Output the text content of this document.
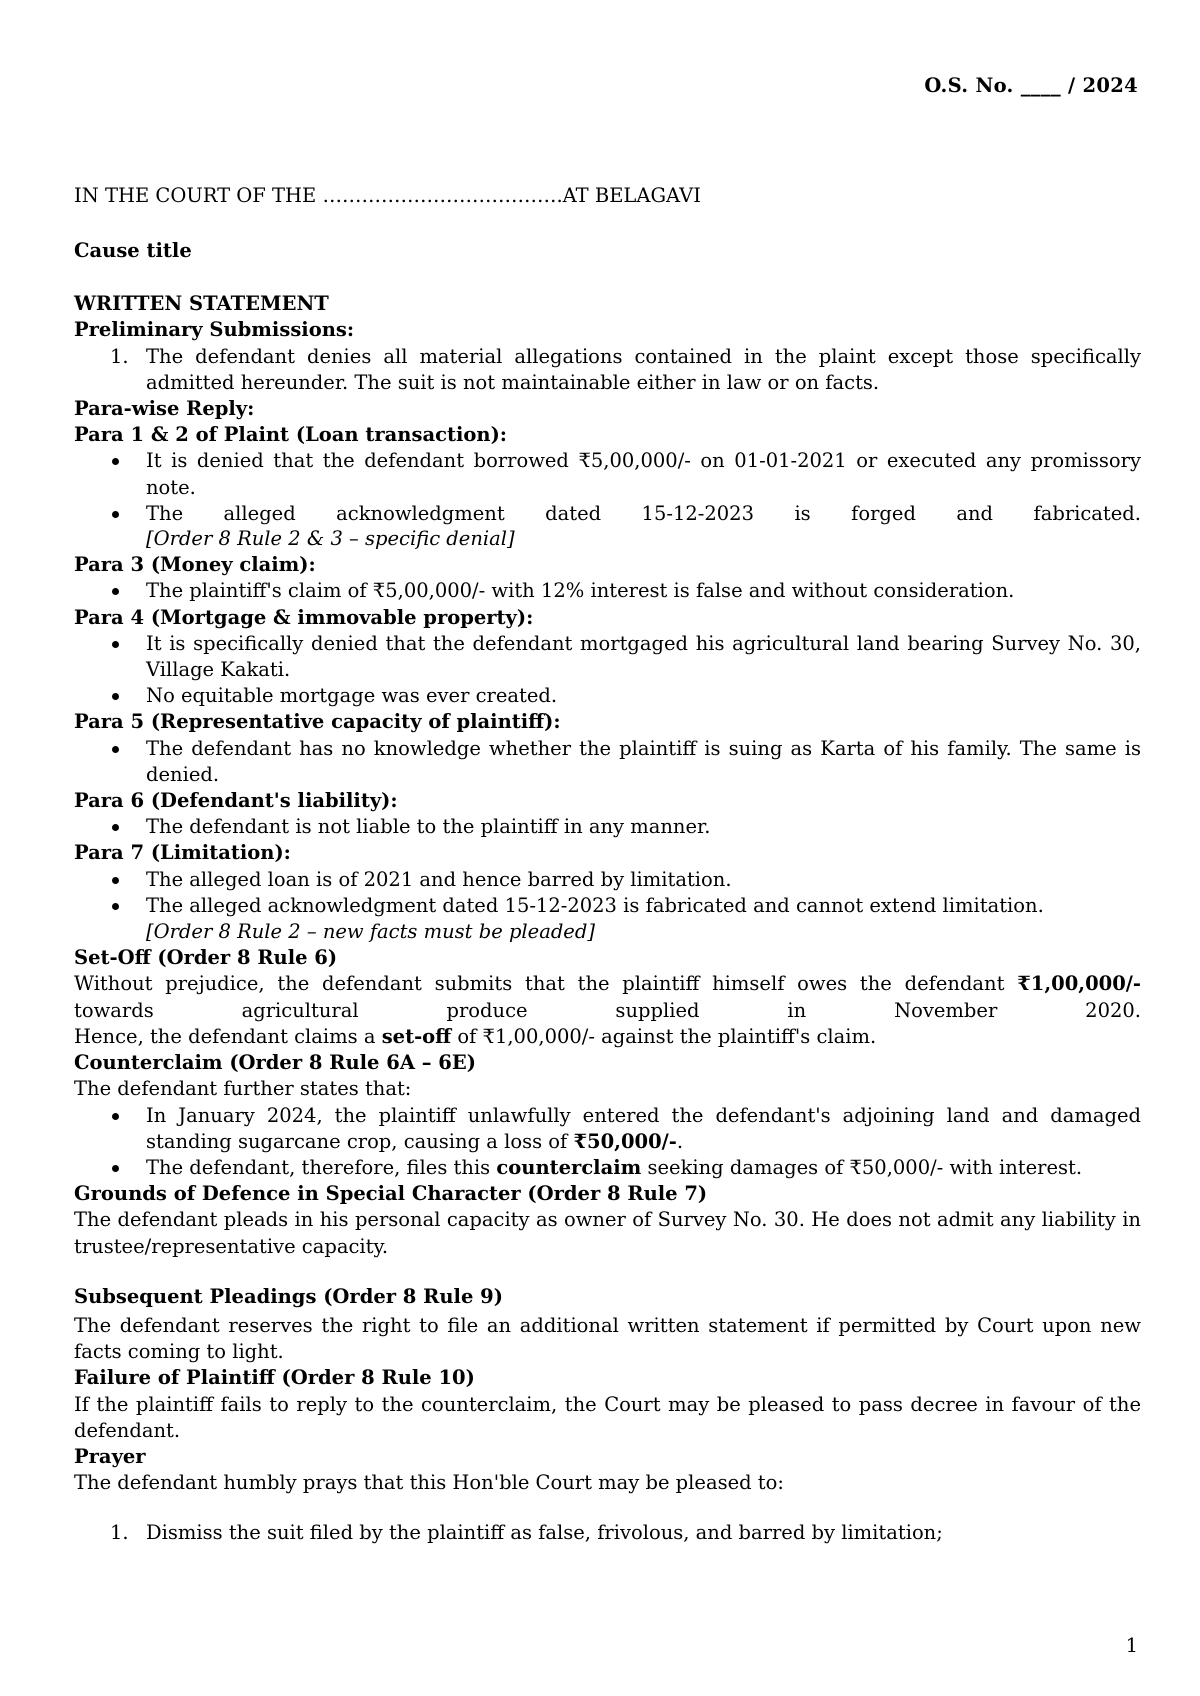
O.S. No. ____ / 2024
IN THE COURT OF THE ……………………………….AT BELAGAVI

Cause title

WRITTEN STATEMENT

Preliminary Submissions:

1. The defendant denies all material allegations contained in the plaint except those specifically admitted hereunder. The suit is not maintainable either in law or on facts.

Para-wise Reply:

Para 1 & 2 of Plaint (Loan transaction):

It is denied that the defendant borrowed ₹5,00,000/- on 01-01-2021 or executed any promissory note.
The alleged acknowledgment dated 15-12-2023 is forged and fabricated.
[Order 8 Rule 2 & 3 – specific denial]

Para 3 (Money claim):

The plaintiff's claim of ₹5,00,000/- with 12% interest is false and without consideration.

Para 4 (Mortgage & immovable property):

It is specifically denied that the defendant mortgaged his agricultural land bearing Survey No. 30, Village Kakati.
No equitable mortgage was ever created.

Para 5 (Representative capacity of plaintiff):

The defendant has no knowledge whether the plaintiff is suing as Karta of his family. The same is denied.

Para 6 (Defendant's liability):

The defendant is not liable to the plaintiff in any manner.

Para 7 (Limitation):

The alleged loan is of 2021 and hence barred by limitation.
The alleged acknowledgment dated 15-12-2023 is fabricated and cannot extend limitation.
[Order 8 Rule 2 – new facts must be pleaded]

Set-Off (Order 8 Rule 6)

Without prejudice, the defendant submits that the plaintiff himself owes the defendant ₹1,00,000/- towards agricultural produce supplied in November 2020.

Hence, the defendant claims a set-off of ₹1,00,000/- against the plaintiff's claim.

Counterclaim (Order 8 Rule 6A – 6E)

The defendant further states that:

In January 2024, the plaintiff unlawfully entered the defendant's adjoining land and damaged standing sugarcane crop, causing a loss of ₹50,000/-.
The defendant, therefore, files this counterclaim seeking damages of ₹50,000/- with interest.

Grounds of Defence in Special Character (Order 8 Rule 7)

The defendant pleads in his personal capacity as owner of Survey No. 30. He does not admit any liability in trustee/representative capacity.

Subsequent Pleadings (Order 8 Rule 9)

The defendant reserves the right to file an additional written statement if permitted by Court upon new facts coming to light.

Failure of Plaintiff (Order 8 Rule 10)

If the plaintiff fails to reply to the counterclaim, the Court may be pleased to pass decree in favour of the defendant.

Prayer

The defendant humbly prays that this Hon'ble Court may be pleased to:

1. Dismiss the suit filed by the plaintiff as false, frivolous, and barred by limitation;
1
